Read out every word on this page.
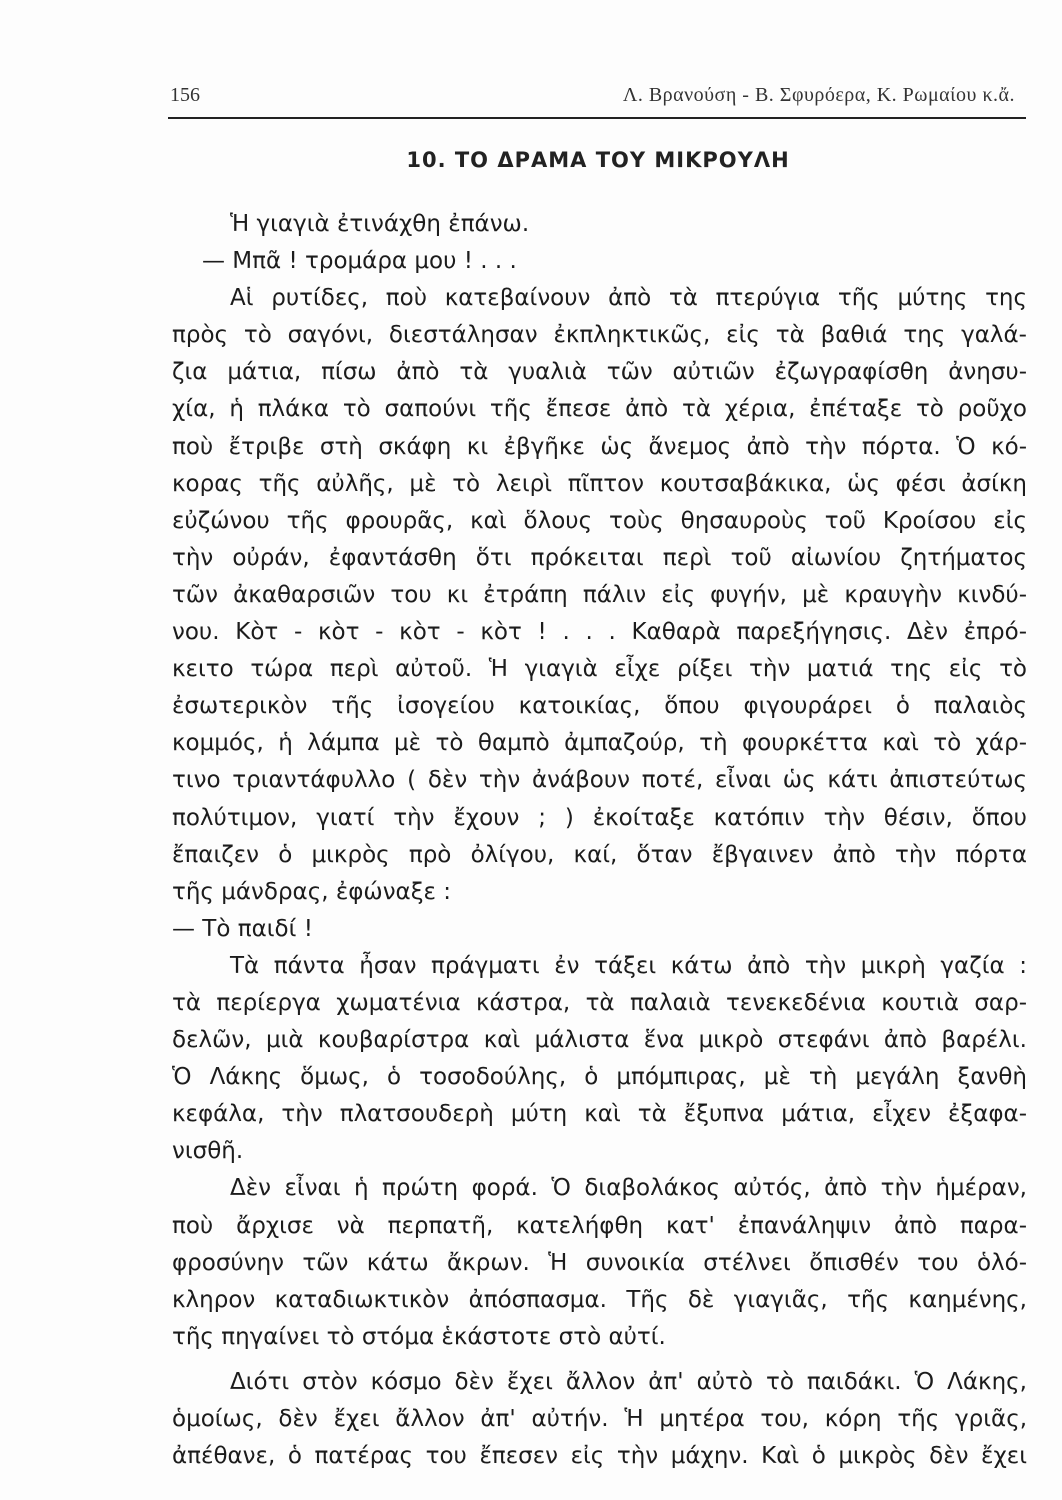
156	Λ. Βρανούση - Β. Σφυρόερα, Κ. Ρωμαίου κ.ἄ.
10. ΤΟ ΔΡΑΜΑ ΤΟΥ ΜΙΚΡΟΥΛΗ
Ἡ γιαγιὰ ἐτινάχθη ἐπάνω.
— Μπᾶ ! τρομάρα μου ! . . .
Αἱ ρυτίδες, ποὺ κατεβαίνουν ἀπὸ τὰ πτερύγια τῆς μύτης της
πρὸς τὸ σαγόνι, διεστάλησαν ἐκπληκτικῶς, εἰς τὰ βαθιά της γαλά-
ζια μάτια, πίσω ἀπὸ τὰ γυαλιὰ τῶν αὐτιῶν ἐζωγραφίσθη ἀνησυ-
χία, ἡ πλάκα τὸ σαπούνι τῆς ἔπεσε ἀπὸ τὰ χέρια, ἐπέταξε τὸ ροῦχο
ποὺ ἔτριβε στὴ σκάφη κι ἐβγῆκε ὡς ἄνεμος ἀπὸ τὴν πόρτα. Ὁ κό-
κορας τῆς αὐλῆς, μὲ τὸ λειρὶ πῖπτον κουτσαβάκικα, ὡς φέσι ἀσίκη
εὐζώνου τῆς φρουρᾶς, καὶ ὅλους τοὺς θησαυροὺς τοῦ Κροίσου εἰς
τὴν οὐράν, ἐφαντάσθη ὅτι πρόκειται περὶ τοῦ αἰωνίου ζητήματος
τῶν ἀκαθαρσιῶν του κι ἐτράπη πάλιν εἰς φυγήν, μὲ κραυγὴν κινδύ-
νου. Κὸτ - κὸτ - κὸτ - κὸτ ! . . . Καθαρὰ παρεξήγησις. Δὲν ἐπρό-
κειτο τώρα περὶ αὐτοῦ. Ἡ γιαγιὰ εἶχε ρίξει τὴν ματιά της εἰς τὸ
ἐσωτερικὸν τῆς ἰσογείου κατοικίας, ὅπου φιγουράρει ὁ παλαιὸς
κομμός, ἡ λάμπα μὲ τὸ θαμπὸ ἀμπαζούρ, τὴ φουρκέττα καὶ τὸ χάρ-
τινο τριαντάφυλλο ( δὲν τὴν ἀνάβουν ποτέ, εἶναι ὡς κάτι ἀπιστεύτως
πολύτιμον, γιατί τὴν ἔχουν ; ) ἐκοίταξε κατόπιν τὴν θέσιν, ὅπου
ἔπαιζεν ὁ μικρὸς πρὸ ὀλίγου, καί, ὅταν ἔβγαινεν ἀπὸ τὴν πόρτα
τῆς μάνδρας, ἐφώναξε :
— Τὸ παιδί !
Τὰ πάντα ἦσαν πράγματι ἐν τάξει κάτω ἀπὸ τὴν μικρὴ γαζία :
τὰ περίεργα χωματένια κάστρα, τὰ παλαιὰ τενεκεδένια κουτιὰ σαρ-
δελῶν, μιὰ κουβαρίστρα καὶ μάλιστα ἕνα μικρὸ στεφάνι ἀπὸ βαρέλι.
Ὁ Λάκης ὅμως, ὁ τοσοδούλης, ὁ μπόμπιρας, μὲ τὴ μεγάλη ξανθὴ
κεφάλα, τὴν πλατσουδερὴ μύτη καὶ τὰ ἔξυπνα μάτια, εἶχεν ἐξαφα-
νισθῆ.
Δὲν εἶναι ἡ πρώτη φορά. Ὁ διαβολάκος αὐτός, ἀπὸ τὴν ἡμέραν,
ποὺ ἄρχισε νὰ περπατῆ, κατελήφθη κατ' ἐπανάληψιν ἀπὸ παρα-
φροσύνην τῶν κάτω ἄκρων. Ἡ συνοικία στέλνει ὄπισθέν του ὁλό-
κληρον καταδιωκτικὸν ἀπόσπασμα. Τῆς δὲ γιαγιᾶς, τῆς καημένης,
τῆς πηγαίνει τὸ στόμα ἑκάστοτε στὸ αὐτί.
Διότι στὸν κόσμο δὲν ἔχει ἄλλον ἀπ' αὐτὸ τὸ παιδάκι. Ὁ Λάκης,
ὁμοίως, δὲν ἔχει ἄλλον ἀπ' αὐτήν. Ἡ μητέρα του, κόρη τῆς γριᾶς,
ἀπέθανε, ὁ πατέρας του ἔπεσεν εἰς τὴν μάχην. Καὶ ὁ μικρὸς δὲν ἔχει
